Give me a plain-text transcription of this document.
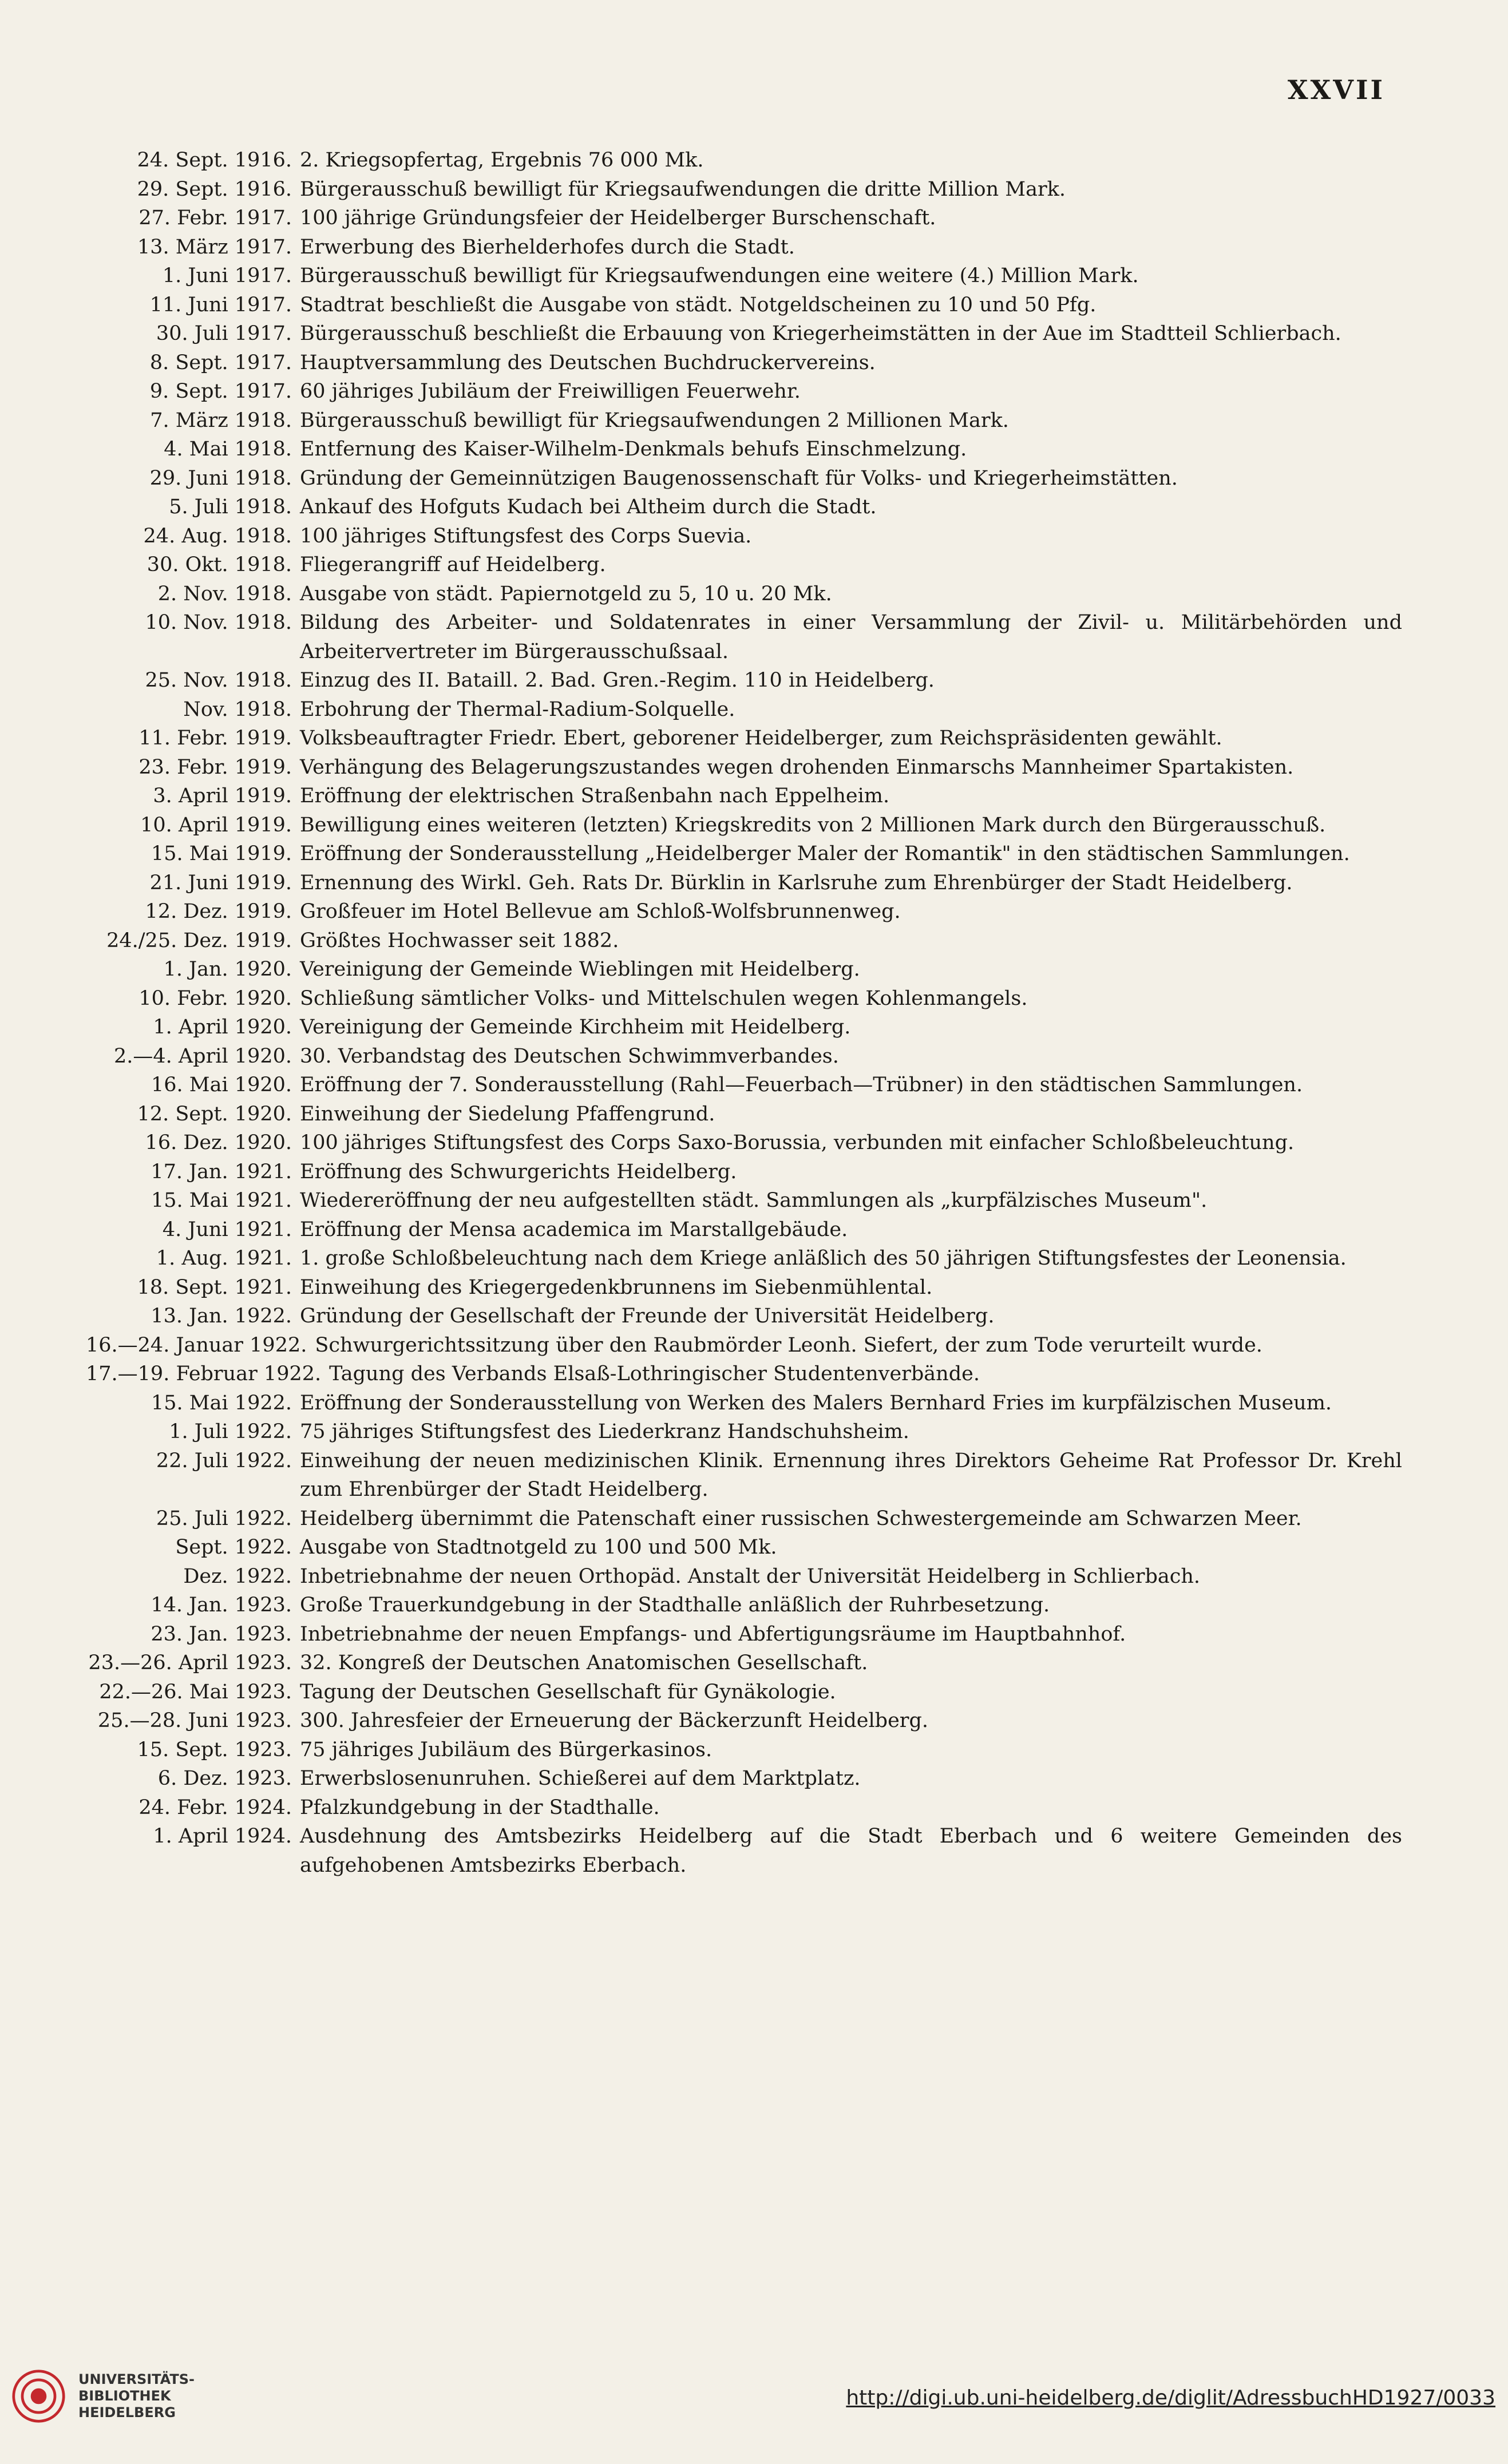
XXVII
24. Sept. 1916. 2. Kriegsopfertag, Ergebnis 76 000 Mk.
29. Sept. 1916. Bürgerausschuß bewilligt für Kriegsaufwendungen die dritte Million Mark.
27. Febr. 1917. 100 jährige Gründungsfeier der Heidelberger Burschenschaft.
13. März 1917. Erwerbung des Bierhelderhofes durch die Stadt.
1. Juni 1917. Bürgerausschuß bewilligt für Kriegsaufwendungen eine weitere (4.) Million Mark.
11. Juni 1917. Stadtrat beschließt die Ausgabe von städt. Notgeldscheinen zu 10 und 50 Pfg.
30. Juli 1917. Bürgerausschuß beschließt die Erbauung von Kriegerheimstätten in der Aue im Stadtteil Schlierbach.
8. Sept. 1917. Hauptversammlung des Deutschen Buchdruckervereins.
9. Sept. 1917. 60 jähriges Jubiläum der Freiwilligen Feuerwehr.
7. März 1918. Bürgerausschuß bewilligt für Kriegsaufwendungen 2 Millionen Mark.
4. Mai 1918. Entfernung des Kaiser-Wilhelm-Denkmals behufs Einschmelzung.
29. Juni 1918. Gründung der Gemeinnützigen Baugenossenschaft für Volks- und Kriegerheimstätten.
5. Juli 1918. Ankauf des Hofguts Kudach bei Altheim durch die Stadt.
24. Aug. 1918. 100 jähriges Stiftungsfest des Corps Suevia.
30. Okt. 1918. Fliegerangriff auf Heidelberg.
2. Nov. 1918. Ausgabe von städt. Papiernotgeld zu 5, 10 u. 20 Mk.
10. Nov. 1918. Bildung des Arbeiter- und Soldatenrates in einer Versammlung der Zivil- u. Militärbehörden und Arbeitervertreter im Bürgerausschußsaal.
25. Nov. 1918. Einzug des II. Bataill. 2. Bad. Gren.-Regim. 110 in Heidelberg.
Nov. 1918. Erbohrung der Thermal-Radium-Solquelle.
11. Febr. 1919. Volksbeauftragter Friedr. Ebert, geborener Heidelberger, zum Reichspräsidenten gewählt.
23. Febr. 1919. Verhängung des Belagerungszustandes wegen drohenden Einmarschs Mannheimer Spartakisten.
3. April 1919. Eröffnung der elektrischen Straßenbahn nach Eppelheim.
10. April 1919. Bewilligung eines weiteren (letzten) Kriegskredits von 2 Millionen Mark durch den Bürgerausschuß.
15. Mai 1919. Eröffnung der Sonderausstellung „Heidelberger Maler der Romantik" in den städtischen Sammlungen.
21. Juni 1919. Ernennung des Wirkl. Geh. Rats Dr. Bürklin in Karlsruhe zum Ehrenbürger der Stadt Heidelberg.
12. Dez. 1919. Großfeuer im Hotel Bellevue am Schloß-Wolfsbrunnenweg.
24./25. Dez. 1919. Größtes Hochwasser seit 1882.
1. Jan. 1920. Vereinigung der Gemeinde Wieblingen mit Heidelberg.
10. Febr. 1920. Schließung sämtlicher Volks- und Mittelschulen wegen Kohlenmangels.
1. April 1920. Vereinigung der Gemeinde Kirchheim mit Heidelberg.
2.—4. April 1920. 30. Verbandstag des Deutschen Schwimmverbandes.
16. Mai 1920. Eröffnung der 7. Sonderausstellung (Rahl—Feuerbach—Trübner) in den städtischen Sammlungen.
12. Sept. 1920. Einweihung der Siedelung Pfaffengrund.
16. Dez. 1920. 100 jähriges Stiftungsfest des Corps Saxo-Borussia, verbunden mit einfacher Schloßbeleuchtung.
17. Jan. 1921. Eröffnung des Schwurgerichts Heidelberg.
15. Mai 1921. Wiedereröffnung der neu aufgestellten städt. Sammlungen als „kurpfälzisches Museum".
4. Juni 1921. Eröffnung der Mensa academica im Marstallgebäude.
1. Aug. 1921. 1. große Schloßbeleuchtung nach dem Kriege anläßlich des 50 jährigen Stiftungsfestes der Leonensia.
18. Sept. 1921. Einweihung des Kriegergedenkbrunnens im Siebenmühlental.
13. Jan. 1922. Gründung der Gesellschaft der Freunde der Universität Heidelberg.
16.—24. Januar 1922. Schwurgerichtssitzung über den Raubmörder Leonh. Siefert, der zum Tode verurteilt wurde.
17.—19. Februar 1922. Tagung des Verbands Elsaß-Lothringischer Studentenverbände.
15. Mai 1922. Eröffnung der Sonderausstellung von Werken des Malers Bernhard Fries im kurpfälzischen Museum.
1. Juli 1922. 75 jähriges Stiftungsfest des Liederkranz Handschuhsheim.
22. Juli 1922. Einweihung der neuen medizinischen Klinik. Ernennung ihres Direktors Geheime Rat Professor Dr. Krehl zum Ehrenbürger der Stadt Heidelberg.
25. Juli 1922. Heidelberg übernimmt die Patenschaft einer russischen Schwestergemeinde am Schwarzen Meer.
Sept. 1922. Ausgabe von Stadtnotgeld zu 100 und 500 Mk.
Dez. 1922. Inbetriebnahme der neuen Orthopäd. Anstalt der Universität Heidelberg in Schlierbach.
14. Jan. 1923. Große Trauerkundgebung in der Stadthalle anläßlich der Ruhrbesetzung.
23. Jan. 1923. Inbetriebnahme der neuen Empfangs- und Abfertigungsräume im Hauptbahnhof.
23.—26. April 1923. 32. Kongreß der Deutschen Anatomischen Gesellschaft.
22.—26. Mai 1923. Tagung der Deutschen Gesellschaft für Gynäkologie.
25.—28. Juni 1923. 300. Jahresfeier der Erneuerung der Bäckerzunft Heidelberg.
15. Sept. 1923. 75 jähriges Jubiläum des Bürgerkasinos.
6. Dez. 1923. Erwerbslosenunruhen. Schießerei auf dem Marktplatz.
24. Febr. 1924. Pfalzkundgebung in der Stadthalle.
1. April 1924. Ausdehnung des Amtsbezirks Heidelberg auf die Stadt Eberbach und 6 weitere Gemeinden des aufgehobenen Amtsbezirks Eberbach.
UNIVERSITÄTS-
BIBLIOTHEK
HEIDELBERG
http://digi.ub.uni-heidelberg.de/diglit/AdressbuchHD1927/0033
